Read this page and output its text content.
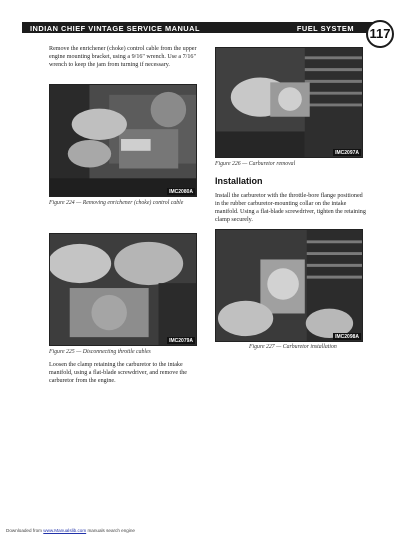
INDIAN CHIEF VINTAGE SERVICE MANUAL	FUEL SYSTEM 117

Remove the enrichener (choke) control cable from the upper engine mounting bracket, using a 9/16" wrench. Use a 7/16" wrench to keep the jam from turning if necessary.

IMC2080A

Figure 224 — Removing enrichener (choke) control cable

IMC2079A

Figure 225 — Disconnecting throttle cables

Loosen the clamp retaining the carburetor to the intake manifold, using a flat-blade screwdriver, and remove the carburetor from the engine.

IMC2097A

Figure 226 — Carburetor removal

Installation

Install the carburetor with the throttle-bore flange positioned in the rubber carburetor-mounting collar on the intake manifold. Using a flat-blade screwdriver, tighten the retaining clamp securely.

IMC2098A

Figure 227 — Carburetor installation

Downloaded from www.Manualslib.com manuals search engine
